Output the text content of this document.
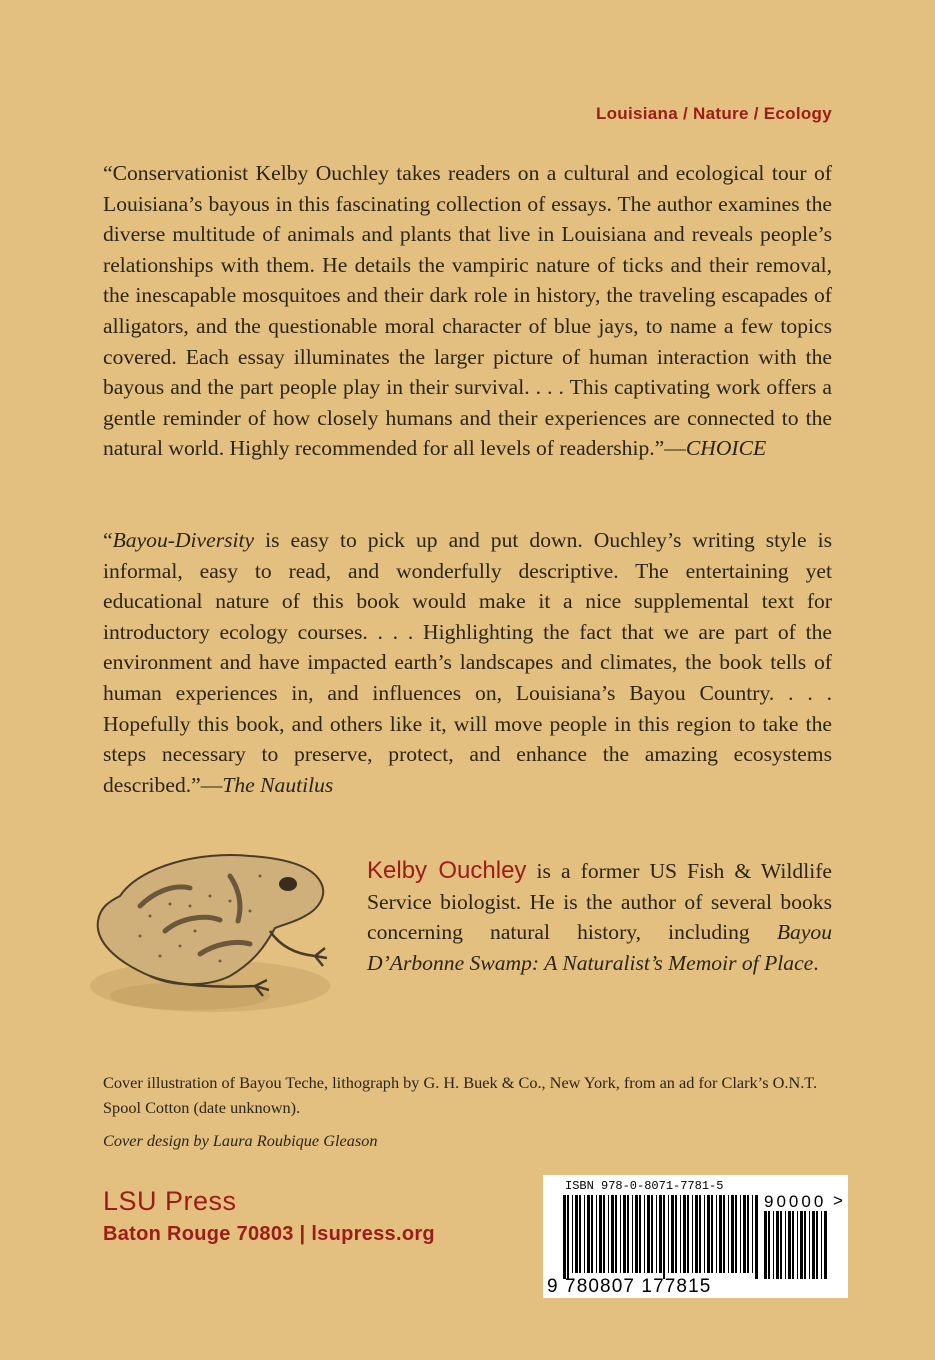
Louisiana / Nature / Ecology

“Conservationist Kelby Ouchley takes readers on a cultural and ecological tour of Louisiana’s bayous in this fascinating collection of essays. The author examines the diverse multitude of animals and plants that live in Louisiana and reveals people’s relationships with them. He details the vampiric nature of ticks and their removal, the inescapable mosquitoes and their dark role in history, the traveling escapades of alligators, and the questionable moral character of blue jays, to name a few topics covered. Each essay illuminates the larger picture of human interaction with the bayous and the part people play in their survival. . . . This captivating work offers a gentle reminder of how closely humans and their experiences are connected to the natural world. Highly recommended for all levels of readership.”—CHOICE

“Bayou-Diversity is easy to pick up and put down. Ouchley’s writing style is informal, easy to read, and wonderfully descriptive. The entertaining yet educational nature of this book would make it a nice supplemental text for introductory ecology courses. . . . Highlighting the fact that we are part of the environment and have impacted earth’s landscapes and climates, the book tells of human experiences in, and influences on, Louisiana’s Bayou Country. . . . Hopefully this book, and others like it, will move people in this region to take the steps necessary to preserve, protect, and enhance the amazing ecosystems described.”—The Nautilus

Kelby Ouchley is a former US Fish & Wildlife Service biologist. He is the author of several books concerning natural history, including Bayou D’Arbonne Swamp: A Naturalist’s Memoir of Place.

Cover illustration of Bayou Teche, lithograph by G. H. Buek & Co., New York, from an ad for Clark’s O.N.T. Spool Cotton (date unknown).

Cover design by Laura Roubique Gleason

LSU Press
Baton Rouge 70803 | lsupress.org
ISBN 978-0-8071-7781-5
90000 >
9 780807 177815
